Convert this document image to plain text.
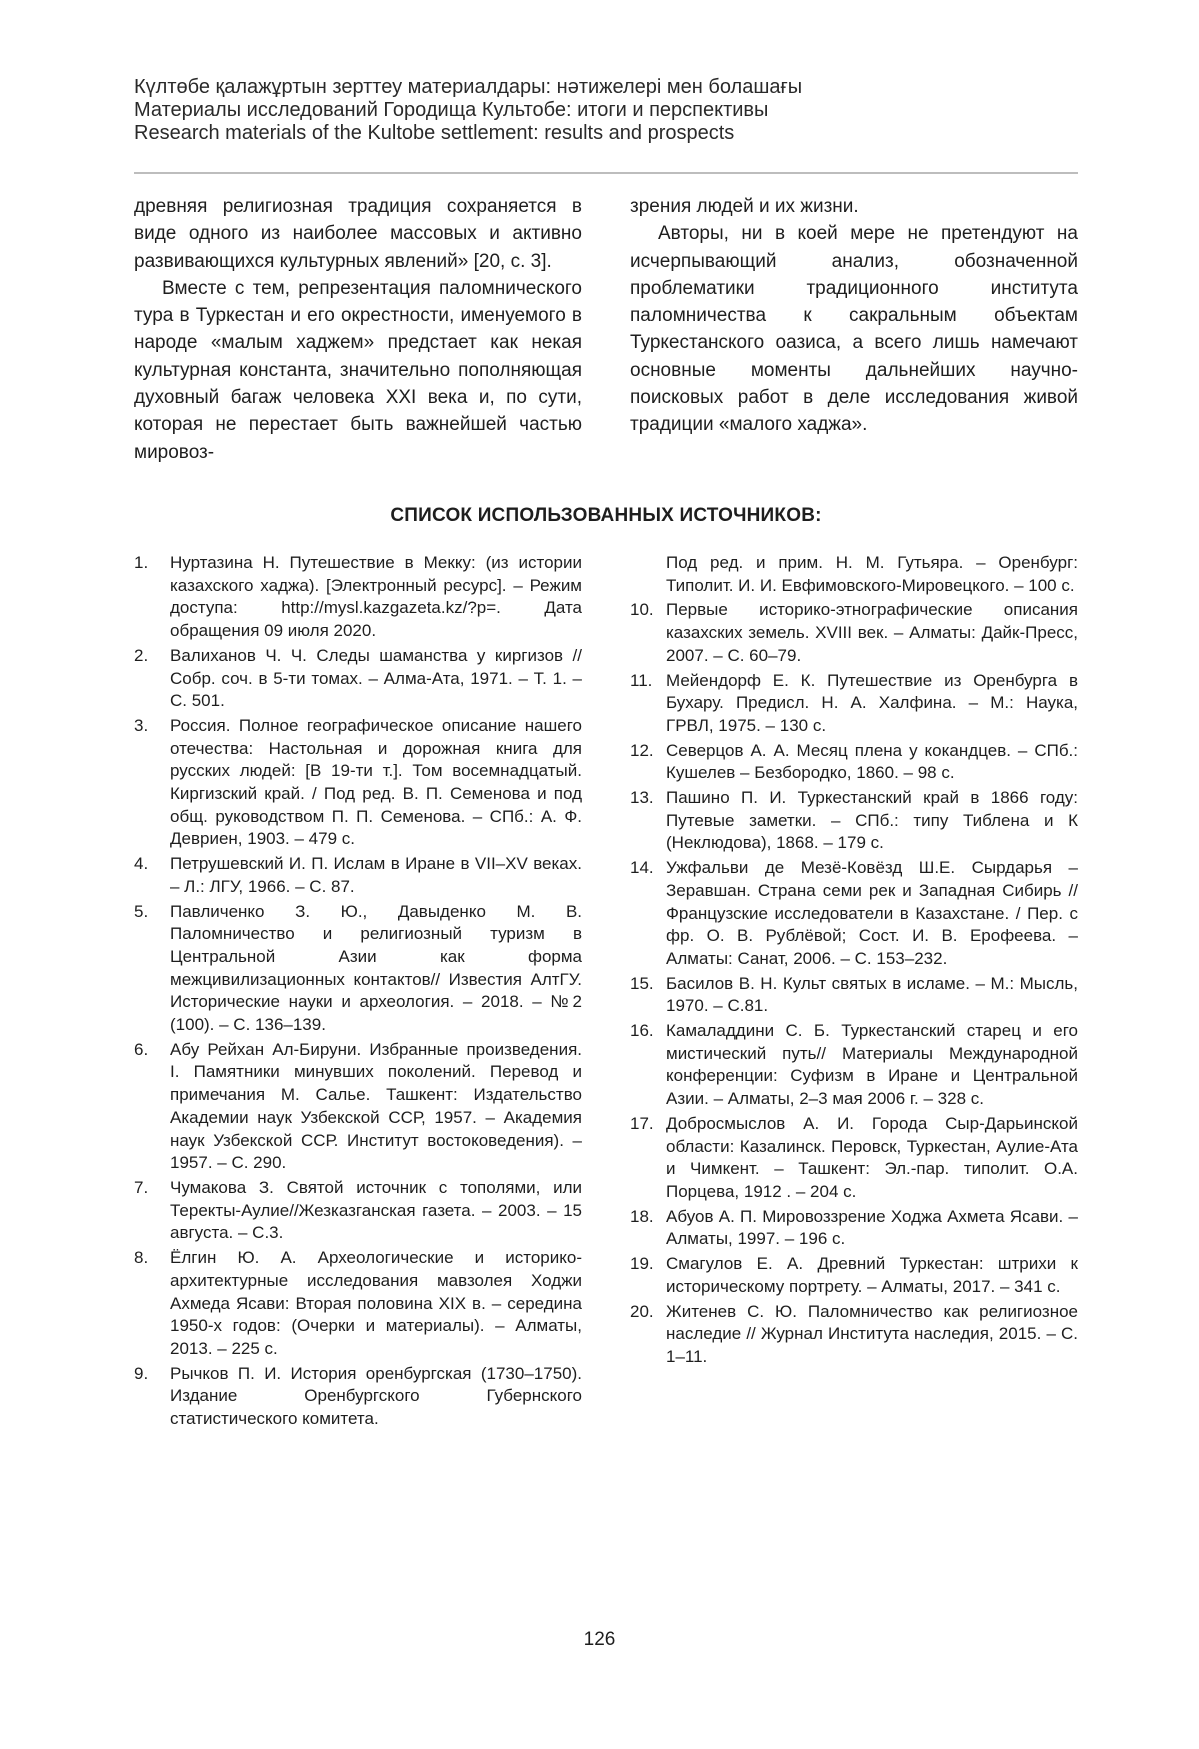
Күлтөбе қалажұртын зерттеу материалдары: нәтижелері мен болашағы
Материалы исследований Городища Культобе: итоги и перспективы
Research materials of the Kultobe settlement: results and prospects

древняя религиозная традиция сохраняется в виде одного из наиболее массовых и активно развивающихся культурных явлений» [20, с. 3].

Вместе с тем, репрезентация паломнического тура в Туркестан и его окрестности, именуемого в народе «малым хаджем» предстает как некая культурная константа, значительно пополняющая духовный багаж человека XXI века и, по сути, которая не перестает быть важнейшей частью мировоз-

зрения людей и их жизни.

Авторы, ни в коей мере не претендуют на исчерпывающий анализ, обозначенной проблематики традиционного института паломничества к сакральным объектам Туркестанского оазиса, а всего лишь намечают основные моменты дальнейших научно-поисковых работ в деле исследования живой традиции «малого хаджа».

СПИСОК ИСПОЛЬЗОВАННЫХ ИСТОЧНИКОВ:
1.	Нуртазина Н. Путешествие в Мекку: (из истории казахского хаджа). [Электронный ресурс]. – Режим доступа: http://mysl.kazgazeta.kz/?p=. Дата обращения 09 июля 2020.
2.	Валиханов Ч. Ч. Следы шаманства у киргизов // Собр. соч. в 5-ти томах. – Алма-Ата, 1971. – Т. 1. – С. 501.
3.	Россия. Полное географическое описание нашего отечества: Настольная и дорожная книга для русских людей: [В 19-ти т.]. Том восемнадцатый. Киргизский край. / Под ред. В. П. Семенова и под общ. руководством П. П. Семенова. – СПб.: А. Ф. Девриен, 1903. – 479 с.
4.	Петрушевский И. П. Ислам в Иране в VII–XV веках. – Л.: ЛГУ, 1966. – С. 87.
5.	Павличенко З. Ю., Давыденко М. В. Паломничество и религиозный туризм в Центральной Азии как форма межцивилизационных контактов// Известия АлтГУ. Исторические науки и археология. – 2018. – №2 (100). – С. 136–139.
6.	Абу Рейхан Ал-Бируни. Избранные произведения. I. Памятники минувших поколений. Перевод и примечания М. Салье. Ташкент: Издательство Академии наук Узбекской ССР, 1957. – Академия наук Узбекской ССР. Институт востоковедения). – 1957. – С. 290.
7.	Чумакова З. Святой источник с тополями, или Теректы-Аулие//Жезказганская газета. – 2003. – 15 августа. – С.3.
8.	Ёлгин Ю. А. Археологические и историко-архитектурные исследования мавзолея Ходжи Ахмеда Ясави: Вторая половина XIX в. – середина 1950-х годов: (Очерки и материалы). – Алматы, 2013. – 225 с.
9.	Рычков П. И. История оренбургская (1730–1750). Издание Оренбургского Губернского статистического комитета.
Под ред. и прим. Н. М. Гутьяра. – Оренбург: Типолит. И. И. Евфимовского-Мировецкого. – 100 с.
10. Первые историко-этнографические описания казахских земель. XVIII век. – Алматы: Дайк-Пресс, 2007. – С. 60–79.
11. Мейендорф Е. К. Путешествие из Оренбурга в Бухару. Предисл. Н. А. Халфина. – М.: Наука, ГРВЛ, 1975. – 130 с.
12. Северцов А. А. Месяц плена у кокандцев. – СПб.: Кушелев – Безбородко, 1860. – 98 с.
13. Пашино П. И. Туркестанский край в 1866 году: Путевые заметки. – СПб.: типу Тиблена и К (Неклюдова), 1868. – 179 с.
14. Ужфальви де Мезё-Ковёзд Ш.Е. Сырдарья – Зеравшан. Страна семи рек и Западная Сибирь // Французские исследователи в Казахстане. / Пер. с фр. О. В. Рублёвой; Сост. И. В. Ерофеева. – Алматы: Санат, 2006. – С. 153–232.
15. Басилов В. Н. Культ святых в исламе. – М.: Мысль, 1970. – С.81.
16. Камаладдини С. Б. Туркестанский старец и его мистический путь// Материалы Международной конференции: Суфизм в Иране и Центральной Азии. – Алматы, 2–3 мая 2006 г. – 328 с.
17. Добросмыслов А. И. Города Сыр-Дарьинской области: Казалинск. Перовск, Туркестан, Аулие-Ата и Чимкент. – Ташкент: Эл.-пар. типолит. О.А. Порцева, 1912 . – 204 с.
18. Абуов А. П. Мировоззрение Ходжа Ахмета Ясави. – Алматы, 1997. – 196 с.
19. Смагулов Е. А. Древний Туркестан: штрихи к историческому портрету. – Алматы, 2017. – 341 с.
20. Житенев С. Ю. Паломничество как религиозное наследие // Журнал Института наследия, 2015. – С. 1–11.
126
